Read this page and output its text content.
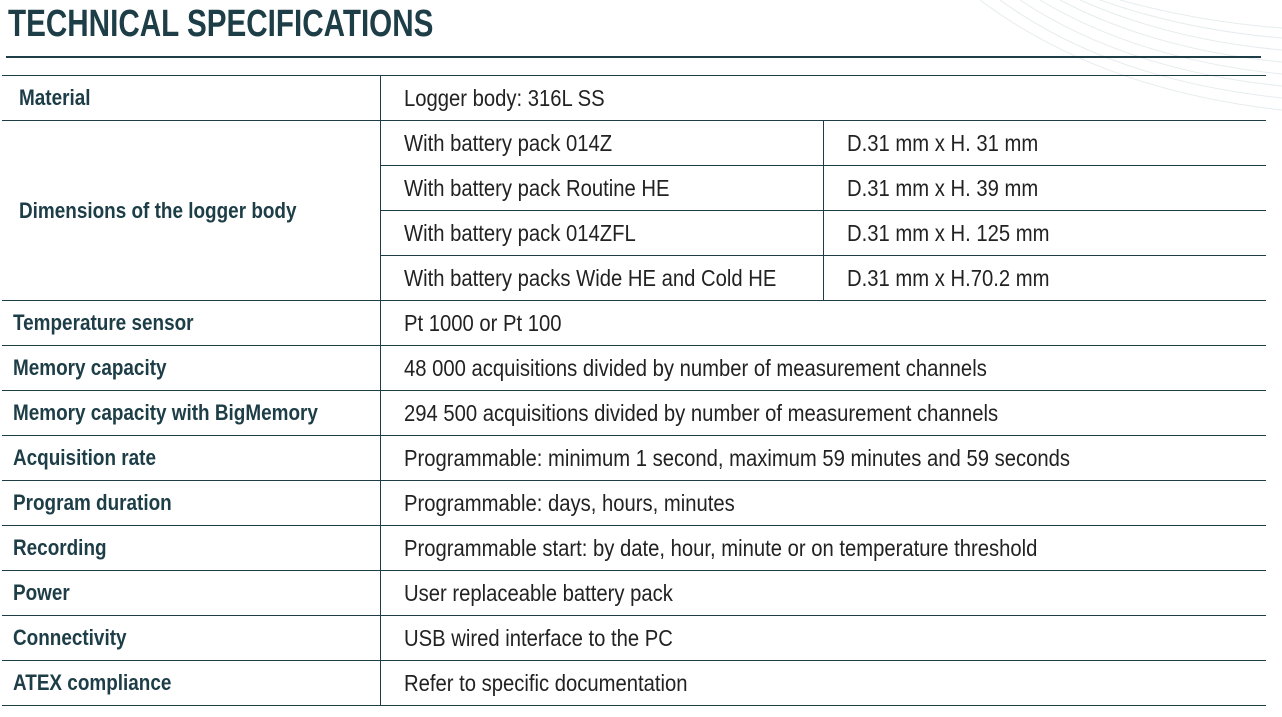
TECHNICAL SPECIFICATIONS
Material	Logger body: 316L SS	
Dimensions of the logger body	With battery pack 014Z	D.31 mm x H. 31 mm
	With battery pack Routine HE	D.31 mm x H. 39 mm
	With battery pack 014ZFL	D.31 mm x H. 125 mm
	With battery packs Wide HE and Cold HE	D.31 mm x H.70.2 mm
Temperature sensor	Pt 1000 or Pt 100	
Memory capacity	48 000 acquisitions divided by number of measurement channels	
Memory capacity with BigMemory	294 500 acquisitions divided by number of measurement channels	
Acquisition rate	Programmable: minimum 1 second, maximum 59 minutes and 59 seconds	
Program duration	Programmable: days, hours, minutes	
Recording	Programmable start: by date, hour, minute or on temperature threshold	
Power	User replaceable battery pack	
Connectivity	USB wired interface to the PC	
ATEX compliance	Refer to specific documentation	
